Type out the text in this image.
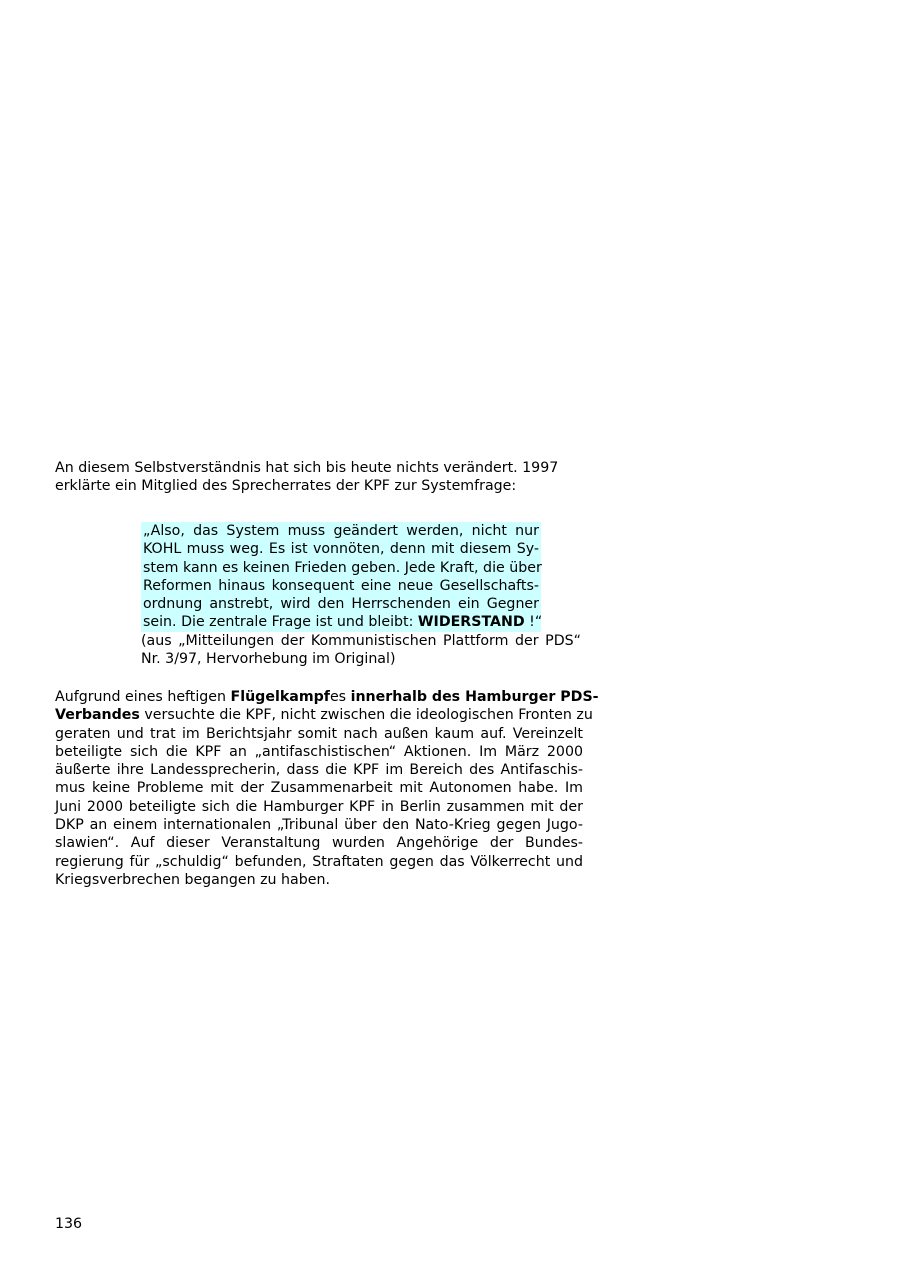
An diesem Selbstverständnis hat sich bis heute nichts verändert. 1997
erklärte ein Mitglied des Sprecherrates der KPF zur Systemfrage:

„Also, das System muss geändert werden, nicht nur
KOHL muss weg. Es ist vonnöten, denn mit diesem Sy-
stem kann es keinen Frieden geben. Jede Kraft, die über
Reformen hinaus konsequent eine neue Gesellschafts-
ordnung anstrebt, wird den Herrschenden ein Gegner
sein. Die zentrale Frage ist und bleibt: WIDERSTAND !“
(aus „Mitteilungen der Kommunistischen Plattform der PDS“
Nr. 3/97, Hervorhebung im Original)
Aufgrund eines heftigen Flügelkampfes innerhalb des Hamburger PDS-
Verbandes versuchte die KPF, nicht zwischen die ideologischen Fronten zu
geraten und trat im Berichtsjahr somit nach außen kaum auf. Vereinzelt
beteiligte sich die KPF an „antifaschistischen“ Aktionen. Im März 2000
äußerte ihre Landessprecherin, dass die KPF im Bereich des Antifaschis-
mus keine Probleme mit der Zusammenarbeit mit Autonomen habe. Im
Juni 2000 beteiligte sich die Hamburger KPF in Berlin zusammen mit der
DKP an einem internationalen „Tribunal über den Nato-Krieg gegen Jugo-
slawien“. Auf dieser Veranstaltung wurden Angehörige der Bundes-
regierung für „schuldig“ befunden, Straftaten gegen das Völkerrecht und
Kriegsverbrechen begangen zu haben.
136
